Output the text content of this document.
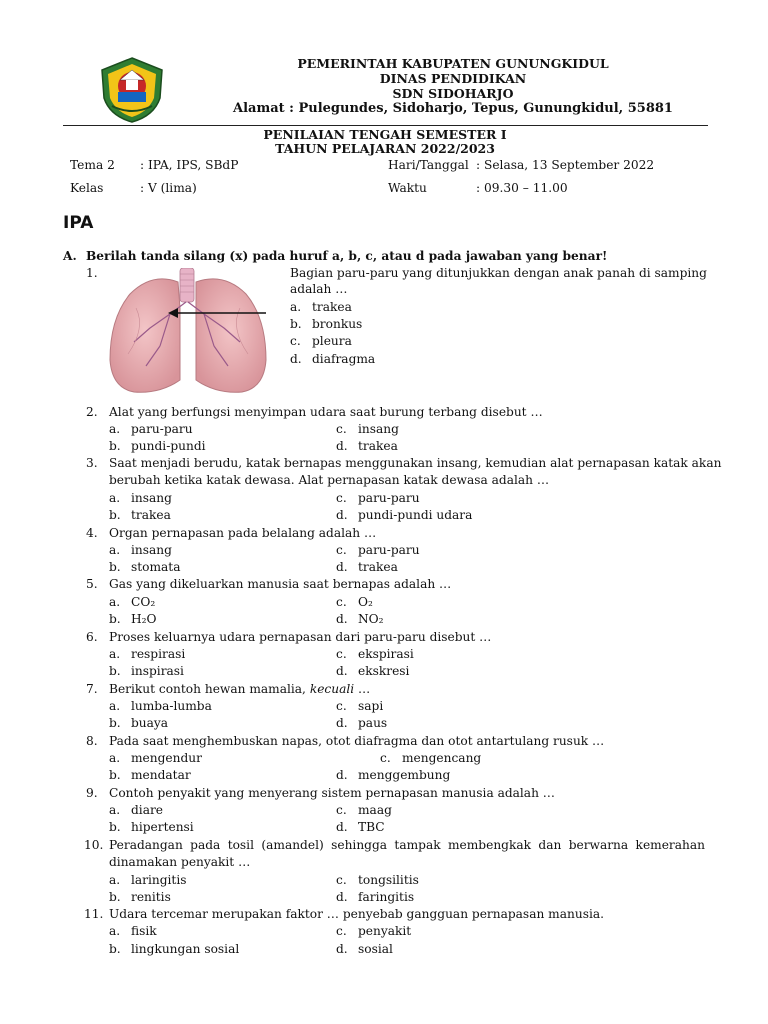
PEMERINTAH KABUPATEN GUNUNGKIDUL
DINAS PENDIDIKAN
SDN SIDOHARJO
Alamat : Pulegundes, Sidoharjo, Tepus, Gunungkidul, 55881
PENILAIAN TENGAH SEMESTER I
TAHUN PELAJARAN 2022/2023
Tema 2 : IPA, IPS, SBdP	Hari/Tanggal : Selasa, 13 September 2022
Kelas	: V (lima)	Waktu	: 09.30 – 11.00
IPA
A. Berilah tanda silang (x) pada huruf a, b, c, atau d pada jawaban yang benar!
1.	Bagian paru-paru yang ditunjukkan dengan anak panah di samping
adalah …
a. trakea
b. bronkus
c. pleura
d. diafragma
2. Alat yang berfungsi menyimpan udara saat burung terbang disebut …
a. paru-paru	c. insang
b. pundi-pundi	d. trakea
3. Saat menjadi berudu, katak bernapas menggunakan insang, kemudian alat pernapasan katak akan
berubah ketika katak dewasa. Alat pernapasan katak dewasa adalah …
a. insang	c. paru-paru
b. trakea	d. pundi-pundi udara
4. Organ pernapasan pada belalang adalah …
a. insang	c. paru-paru
b. stomata	d. trakea
5. Gas yang dikeluarkan manusia saat bernapas adalah …
a. CO₂	c. O₂
b. H₂O	d. NO₂
6. Proses keluarnya udara pernapasan dari paru-paru disebut …
a. respirasi	c. ekspirasi
b. inspirasi	d. ekskresi
7. Berikut contoh hewan mamalia, kecuali …
a. lumba-lumba	c. sapi
b. buaya	d. paus
8. Pada saat menghembuskan napas, otot diafragma dan otot antartulang rusuk …
a. mengendur	c. mengencang
b. mendatar	d. menggembung
9. Contoh penyakit yang menyerang sistem pernapasan manusia adalah …
a. diare	c. maag
b. hipertensi	d. TBC
10. Peradangan pada tosil (amandel) sehingga tampak membengkak dan berwarna kemerahan
dinamakan penyakit …
a. laringitis	c. tongsilitis
b. renitis	d. faringitis
11. Udara tercemar merupakan faktor … penyebab gangguan pernapasan manusia.
a. fisik	c. penyakit
b. lingkungan sosial	d. sosial
